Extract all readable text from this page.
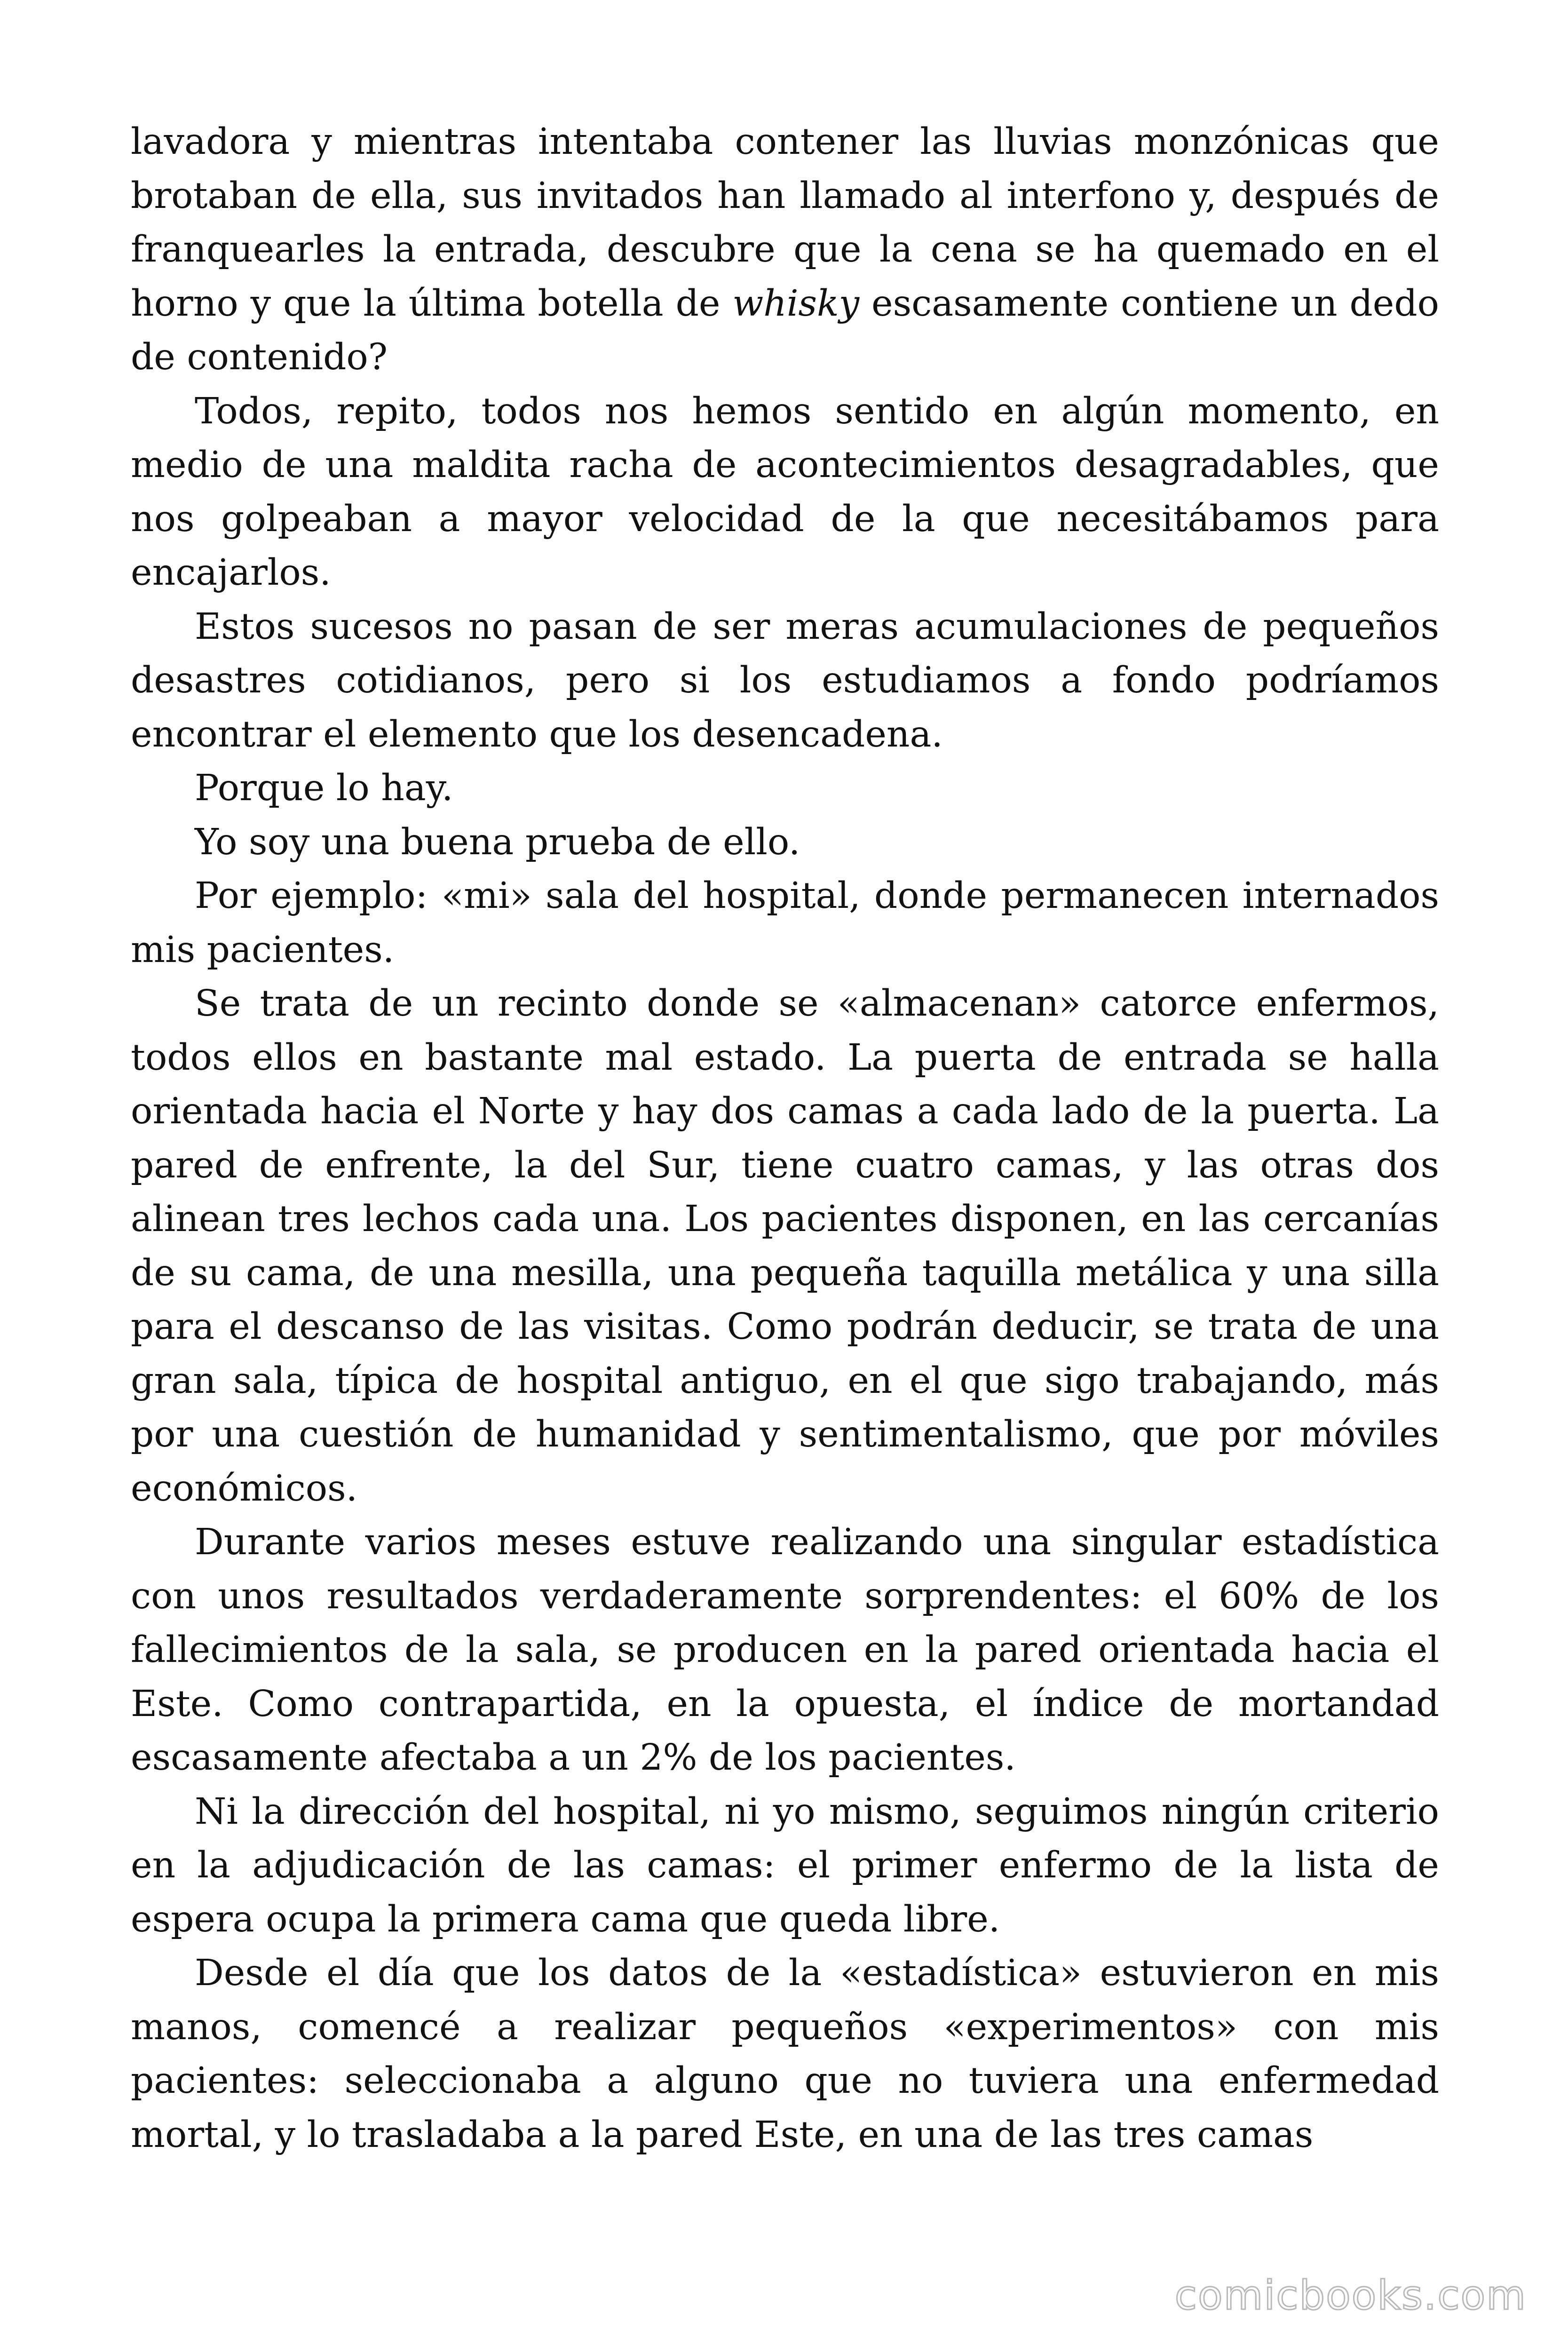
lavadora y mientras intentaba contener las lluvias monzónicas que brotaban de ella, sus invitados han llamado al interfono y, después de franquearles la entrada, descubre que la cena se ha quemado en el horno y que la última botella de whisky escasamente contiene un dedo de contenido?

Todos, repito, todos nos hemos sentido en algún momento, en medio de una maldita racha de acontecimientos desagradables, que nos golpeaban a mayor velocidad de la que necesitábamos para encajarlos.

Estos sucesos no pasan de ser meras acumulaciones de pequeños desastres cotidianos, pero si los estudiamos a fondo podríamos encontrar el elemento que los desencadena.

Porque lo hay.

Yo soy una buena prueba de ello.

Por ejemplo: «mi» sala del hospital, donde permanecen internados mis pacientes.

Se trata de un recinto donde se «almacenan» catorce enfermos, todos ellos en bastante mal estado. La puerta de entrada se halla orientada hacia el Norte y hay dos camas a cada lado de la puerta. La pared de enfrente, la del Sur, tiene cuatro camas, y las otras dos alinean tres lechos cada una. Los pacientes disponen, en las cercanías de su cama, de una mesilla, una pequeña taquilla metálica y una silla para el descanso de las visitas. Como podrán deducir, se trata de una gran sala, típica de hospital antiguo, en el que sigo trabajando, más por una cuestión de humanidad y sentimentalismo, que por móviles económicos.

Durante varios meses estuve realizando una singular estadística con unos resultados verdaderamente sorprendentes: el 60% de los fallecimientos de la sala, se producen en la pared orientada hacia el Este. Como contrapartida, en la opuesta, el índice de mortandad escasamente afectaba a un 2% de los pacientes.

Ni la dirección del hospital, ni yo mismo, seguimos ningún criterio en la adjudicación de las camas: el primer enfermo de la lista de espera ocupa la primera cama que queda libre.

Desde el día que los datos de la «estadística» estuvieron en mis manos, comencé a realizar pequeños «experimentos» con mis pacientes: seleccionaba a alguno que no tuviera una enfermedad mortal, y lo trasladaba a la pared Este, en una de las tres camas

comicbooks.com
